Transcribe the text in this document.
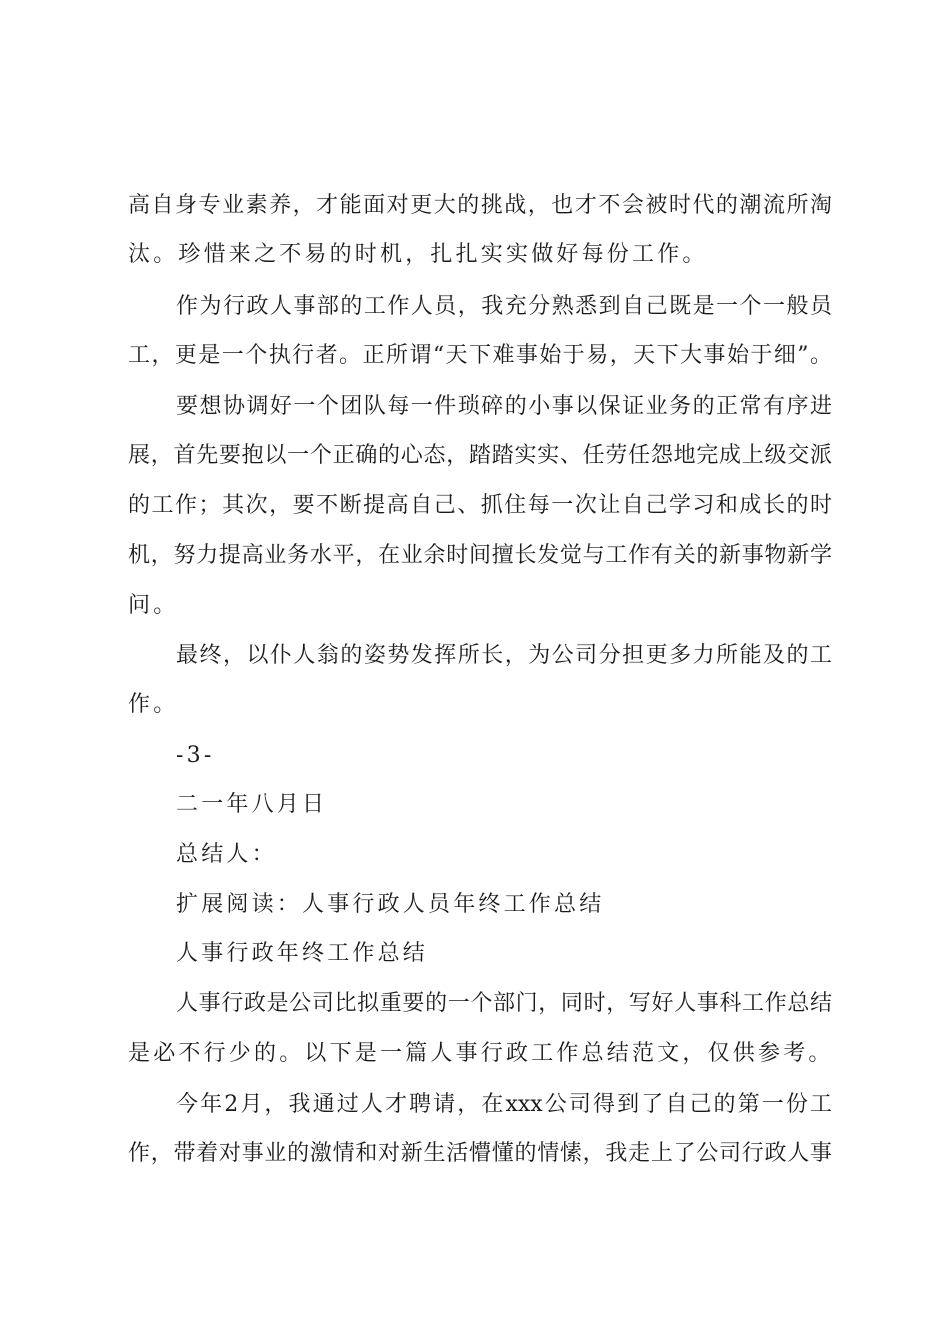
高自身专业素养，才能面对更大的挑战，也才不会被时代的潮流所淘
汰。珍惜来之不易的时机，扎扎实实做好每份工作。
作为行政人事部的工作人员，我充分熟悉到自己既是一个一般员
工，更是一个执行者。正所谓“天下难事始于易，天下大事始于细”。
要想协调好一个团队每一件琐碎的小事以保证业务的正常有序进
展，首先要抱以一个正确的心态，踏踏实实、任劳任怨地完成上级交派
的工作；其次，要不断提高自己、抓住每一次让自己学习和成长的时
机，努力提高业务水平，在业余时间擅长发觉与工作有关的新事物新学
问。
最终，以仆人翁的姿势发挥所长，为公司分担更多力所能及的工
作。
-3-
二一年八月日
总结人：
扩展阅读：人事行政人员年终工作总结
人事行政年终工作总结
人事行政是公司比拟重要的一个部门，同时，写好人事科工作总结
是必不行少的。以下是一篇人事行政工作总结范文，仅供参考。
今年2月，我通过人才聘请，在xxx公司得到了自己的第一份工
作，带着对事业的激情和对新生活懵懂的情愫，我走上了公司行政人事
